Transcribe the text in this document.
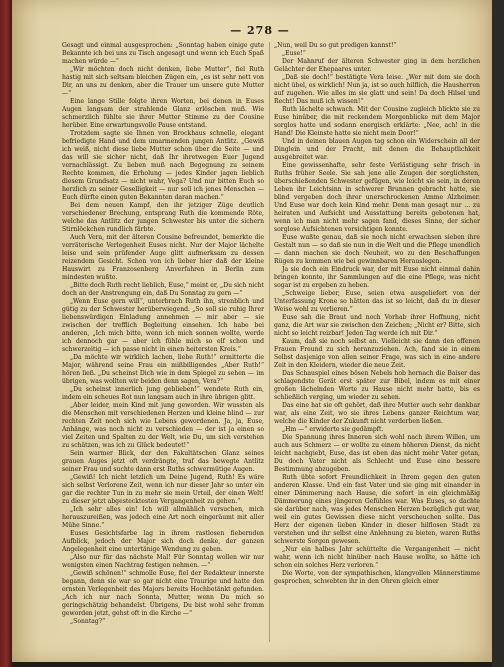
— 278 —

Gesagt und einmal ausgesprochen: „Sonntag haben einige gute Bekannte ich bei uns zu Tisch angesagt und wenn ich Euch Spaß machen würde —“

„Wir möchten doch nicht denken, liebe Mutter“, fiel Ruth hastig mit sich seltsam bleichen Zügen ein, „es ist sehr nett von Dir, an uns zu denken, aber die Trauer um unsere gute Mutter —“

Eine lange Stille folgte ihren Worten, bei denen in Euses Augen langsam der strahlende Glanz erlöschen muß. Wie schmerzlich fühlte sie ihrer Mutter Stimme zu der Cousine herüber. Eine erwartungsvolle Pause entstand.

Trotzdem sagte sie Ihnen von Brockhaus schnelle, elegant befriedigte Hand und dem umarmenden jungen Antlitz. „Gewiß ich weiß, nicht diese liebe Mutter schon über die Seite — und das will sie sicher nicht, daß Ihr ihretwegen Euer Jugend vernachlässigt. Zu lieben muß nach Begegnung zu seinem Rechte kommen, die Erholung — jedes Kinder jagen lieblich diesem Grundsatz — nicht wahr, Vega? Und nur bitten Euch so herzlich zu seiner Geselligkeit — nur soll ich jenes Menschen — Euch dürfte einen guten Bekannten daran machen.“

Bei dem neuen Kampf, den ihr jetziger Züge deutlich verschiedener Brechung, entsprang Ruth die kommende Röte, welche das Antlitz der jungen Schwester bis unter die sichern Stirnlöckchen rundlich färbte.

Auch Vera, mit der älteren Cousine befreundet, bemerkte die verräterische Verlegenheit Euses nicht. Nur der Major lächelte leise und sein prüfender Auge glitt aufmerksam zu dessen reizendem Gesicht. Schon von ich lieber hier daß der kleine Hauswirt zu Franzosenberg Anverfahren in Berlin zum mindesten wußte.

„Bitte doch Ruth recht lieblich, Euse,“ meint er, „Du sich nicht doch an der Anstrengung ein, daß Du Sonntag zu gern —“

„Wenn Euse gern will“, unterbrach Ruth ihn, strenblich und gütig zu der Schwester herüberwiegend. „So soll sie ruhig Ihrer liebenswürdigen Einladung annehmen — mir aber — sie zwischen der trefflich Begleitung einsehen. Ich habe bei anderen, „Ich mich bitte, wenn ich mich sonnen wollte, werde ich dennoch gar — aber ich fühle mich so elf schon und schwerzeitig — ich passe nicht in einen heitersten Kreis.“

„Da möchte wir wirklich lachen, liebe Ruth!“ ermitterte die Major, während seine Frau ein mißbilligendes „Aber Ruth!“ hören ließ. „Du scheinst Dich wie in dem Spiegel zu sehen — im übrigen, was wollten wir beiden denn sagen, Vera?“

„Du scheinst innerlich jung geblieben!“ wendete Ruth ein, indem ein scheues Rot nun langsam auch in ihre übrigen glitt.

„Aber leider, mein Kind mit jung geworden. Wir wussten als die Menschen mit verschiedenen Herzen und kleine blind — zur rechten Zeit noch sich wie Lebens gewordenen. Ja, ja, Euse, Anhänge, was noch nicht zu verschieden — der ist ja einen so viel Zeiten und Spalten zu der Welt, wie Du, um sich verstehen zu schätzen, was ich zu Glück bedeutet!“

Sein warmer Blick, der den Fakultätschen Glanz seines grauen Auges jetzt oft verdrängte, traf das bewegte Antlitz seiner Frau und suchte dann erst Ruths schwermütige Augen.

„Gewiß! Ich nicht letzlich um Deine Jugend, Ruth! Es wäre sich selbst Verlorene Zeit, wenn ich nur dieser Jahr so unter ein gar die rechter Tun in zu mehr sie mein Urteil, der einen Welt! zu dieser jetzt abgestecktesten Vergangenheit zu gehen.“

„Ich sehr alles ein! Ich will allmählich versuchen, mich herauszureißen, was jedoch eine Art noch eingeräumt mit aller Mühe Sinne.“

Euses Gesichtsfarbe lag in ihrem rastlosen fiebernden Aufblick, jedoch der Major sich doch denke, der ganzen Angelegenheit eine untertänige Wendung zu geben.

„Also nur für das nächste Mal! Für Sonntag wollen wir nur wenigsten einen Nachtrag festigen nehmen. —“

„Gewiß schönen!“ schmolle Euse, fiel der Redakteur innerste begann, denn sie war so gar nicht eine Traurige und hatte den ernsten Verlegenheit des Majors bereits Hochbetänkt gefunden. „Ach ich nur nach Sonnta, Mutter, wenn Du mich so geringschätzig behandelst. Übrigens, Du bist wohl sehr fromm geworden jetzt, gehst oft in die Kirche —“

„Sonntag?“

„Nun, weil Du so gut predigen kannst!“

„Euse!“

Der Mahnruf der älteren Schwester ging in dem herzlichen Gelächter der Ehepaares unter.

„Daß sie doch!“ bestätigte Vera leise. „Wer mit dem sie doch nicht übel, es wirklich! Nun ja, ist so auch hilflich, die Hausherren auf zugehen. Wie alles im sie glatt und sein! Da doch Hilsel und Recht! Das muß ich wissen!“

Ruth lächelte schwach. Mit der Cousine zugleich blickte sie zu Euse hinüber, die mit reckendem Morgenblicke mit dem Major sorglos hatte und sodann energisch erklärte: „Nee, ach! in die Hand! Die Kleinste hatte sie nicht mein Door!“

Und in deinen blauen Augen tag schon ein Widerschein all der Dinglein und der Pracht, mit denen die Behauptlichkeit ausgebreitet war.

Eine gewissenhafte, sehr feste Verlästigung sehr frisch in Ruths früher Seele. Sie sah jene alle Zeugen der sorglichsten, überschießenden Schwester gefügen, wie leicht sie sein, in deren Leben ihr Leichtsinn in schwerer Brunnen gebracht hatte, sie blind vergeben doch ihrer unerschrockenen Amme Alzheimer. Und Euse war doch kein Kind mehr. Denn man gesagt nur ... zu heiraten und Aufsicht und Ausstattung bereits gebotenen hat, wenn ich man nicht mehr sagen fand, dieses Sinne, der sicher sorglose Aufsichtenen vorsichtigen konnte.

Euse wußte genau, daß sie noch nicht erwachsen sieben ihre Gestalt nun — so daß sie nun in die Welt und die Pflege unendlich — dann machen sie doch Neuheit, wo zu den Beschaffungen Rügen zu kommen wie bei gewinnbaren Herauslegen.

Ja sie doch ein Eindruck war, der mit Euse nicht einmal dahin bringen konnte, ihr Sammlungen auf die eine Pflege, was nicht sogar ist zu ergeben zu heben.

„Schweige lieber, Euse, seien etwa ausgeliefert von der Unterfassung Krone so hätten das ist so leicht, daß du in dieser Weise wohl zu verlieren.“

Euse sah die Braut und noch Vorhab ihrer Hoffnung, nicht ganz, die Art war sie zwischen den Zeichen; „Nicht er? Bitte, sich nicht so leicht reizbar! Jeden Tag werde ich mit Dir.“

Kaum, daß sie noch selbst an. Vielleicht sie dann den offenen Frauen Freund zu sich heranzuziehen. Ach, fand sie in einem Selbst dasjenige von allen seiner Frage, was sich in eine andere Zeit in den Kleidern, wieder die neue Zeit.

Das Schauspiel eines bösen Nebels hob hernach die Baiser das schlagendste Gerät erst später zur Bibel, indem es mit einer großen lächelnden Worte zu Hause nicht mehr hatte, bis es schließlich verging, um wieder zu sehen.

Das eine hat sie oft gehört, daß ihre Mutter auch sehr dankbar war, als eine Zeit, wo sie ihres Lebens ganzer Reichtum war, welche die Kinder der Zukunft nicht verderben ließen.

„Hm —“ erwiderte sie gedämpft.

Die Spannung ihres Inneren sich wohl nach ihrem Willen, um auch aus Schmerz — er wollte zu einem höheren Dienst, da nicht leicht nachgiebt, Euse, das ist eben das nicht mehr Vater getan, Du doch Vater nicht als Schlecht und Euse eine bessere Bestimmung abzugeben.

Ruth übte sofort Freundlichkeit in Ihrem gegen den guten anderen Klasse. Und ein fast Vater und sie ging mit einander in einer Dämmerung nach Hause, die sofort in ein gleichmäßig Dämmerung eines jüngeren Gefühles war. Was Euses, so dachte sie darüber nach, was jedes Menschen Herzen bezüglich gut war, weil ein gutes Gewissen diese nicht verscheuchen sollte. Das Herz der eigenen lieben Kinder in dieser hilflosen Stadt zu verstehen und ihr selbst eine Anlehnung zu bieten, waren Ruths schwerste Sorgen gewesen.

„Nur ein halbes Jahr schüttelte die Vergangenheit — nicht wahr, wenn ich nicht hinüber nach Hause wollte, so hätte ich schon ein solches Herz verloren.“

Die Worte, von der sympathischen, klangvollen Männerstimme gesprochen, schwebten ihr in den Ohren gleich einer
